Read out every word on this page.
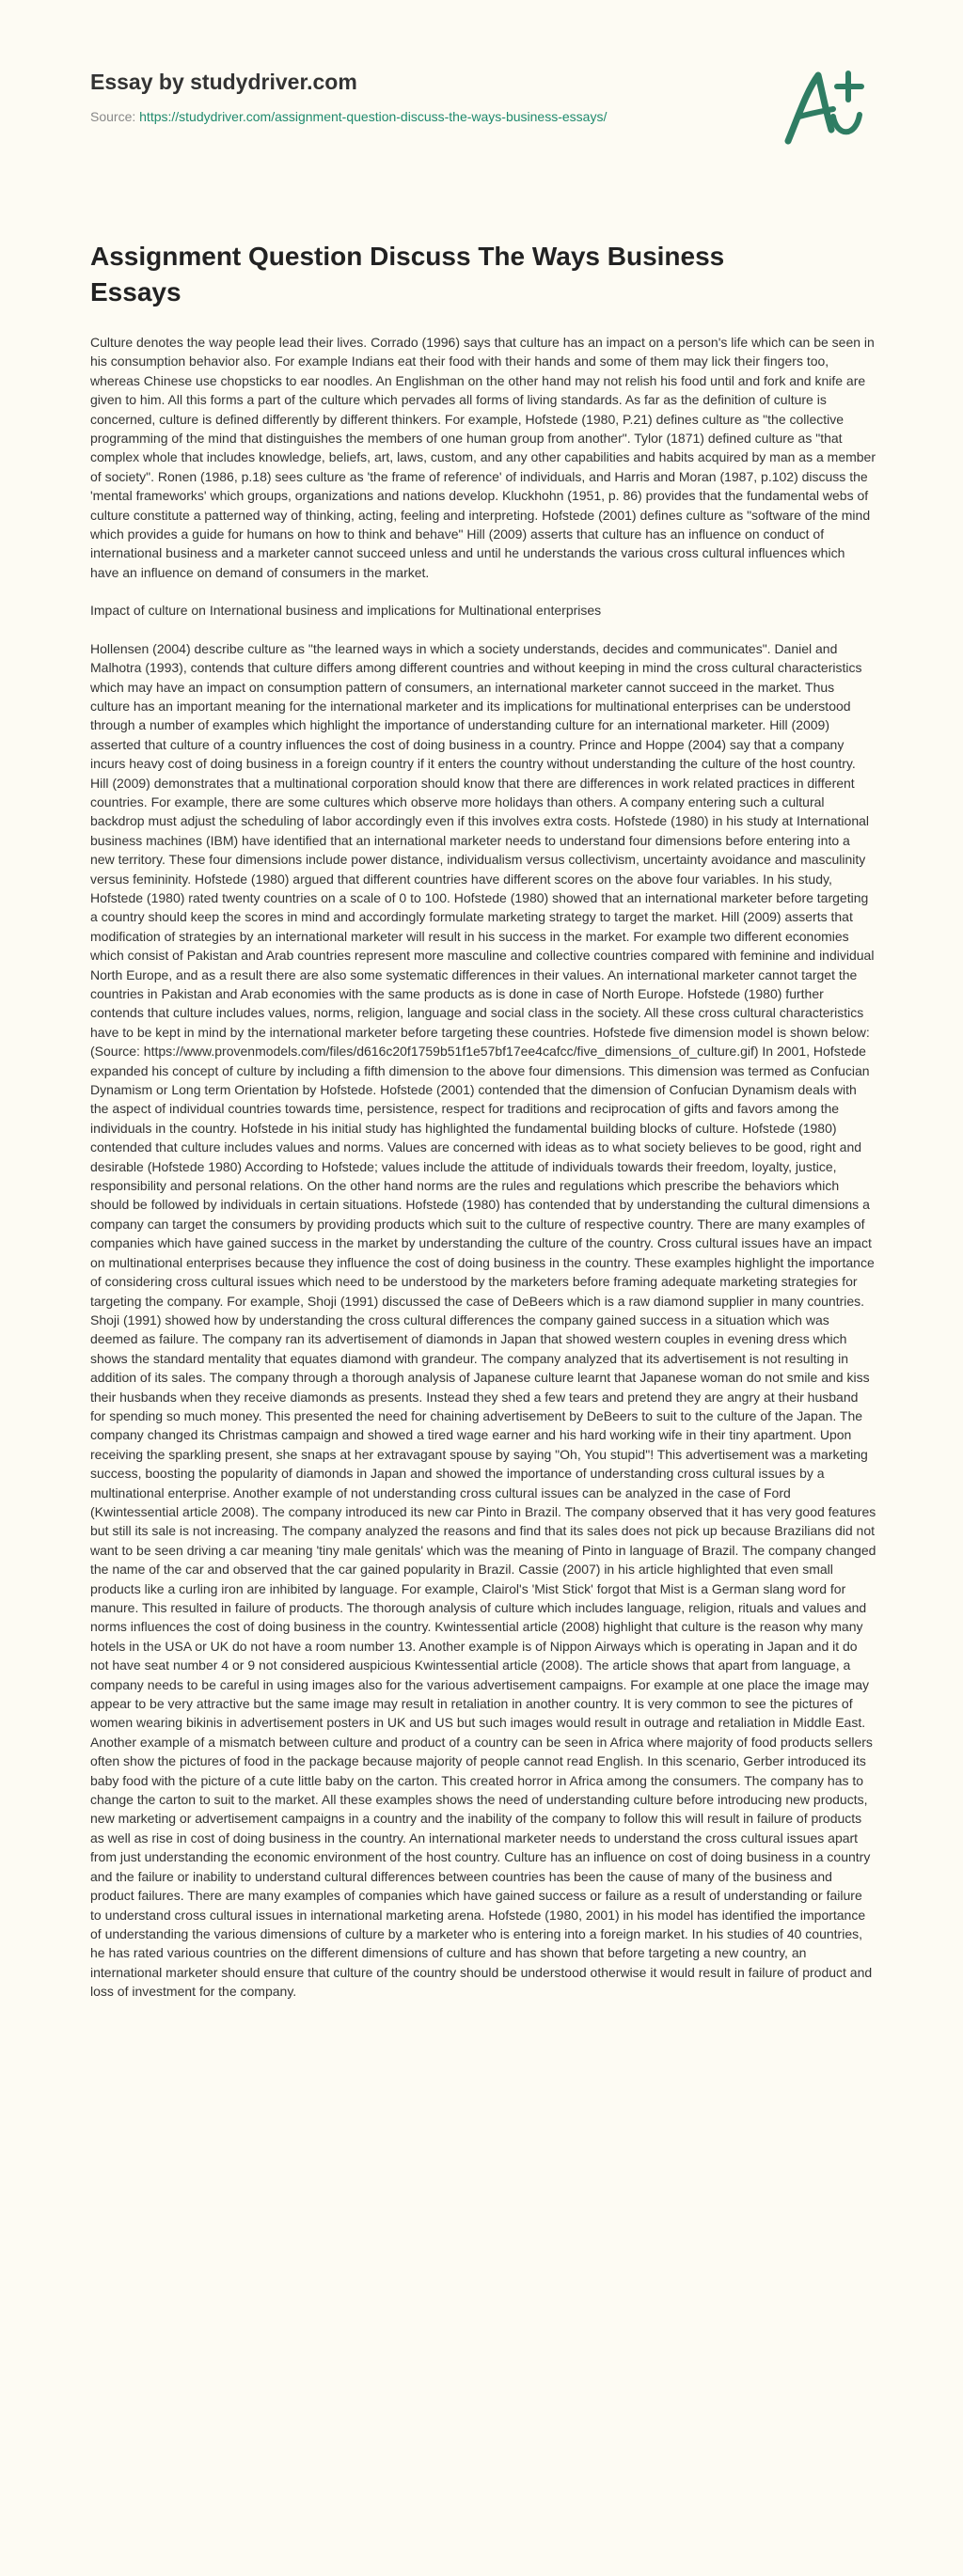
Essay by studydriver.com
Source: https://studydriver.com/assignment-question-discuss-the-ways-business-essays/
Assignment Question Discuss The Ways Business Essays

Culture denotes the way people lead their lives. Corrado (1996) says that culture has an impact on a person's life which can be seen in his consumption behavior also. For example Indians eat their food with their hands and some of them may lick their fingers too, whereas Chinese use chopsticks to ear noodles. An Englishman on the other hand may not relish his food until and fork and knife are given to him. All this forms a part of the culture which pervades all forms of living standards. As far as the definition of culture is concerned, culture is defined differently by different thinkers. For example, Hofstede (1980, P.21) defines culture as "the collective programming of the mind that distinguishes the members of one human group from another". Tylor (1871) defined culture as "that complex whole that includes knowledge, beliefs, art, laws, custom, and any other capabilities and habits acquired by man as a member of society". Ronen (1986, p.18) sees culture as 'the frame of reference' of individuals, and Harris and Moran (1987, p.102) discuss the 'mental frameworks' which groups, organizations and nations develop. Kluckhohn (1951, p. 86) provides that the fundamental webs of culture constitute a patterned way of thinking, acting, feeling and interpreting. Hofstede (2001) defines culture as "software of the mind which provides a guide for humans on how to think and behave" Hill (2009) asserts that culture has an influence on conduct of international business and a marketer cannot succeed unless and until he understands the various cross cultural influences which have an influence on demand of consumers in the market.

Impact of culture on International business and implications for Multinational enterprises

Hollensen (2004) describe culture as "the learned ways in which a society understands, decides and communicates". Daniel and Malhotra (1993), contends that culture differs among different countries and without keeping in mind the cross cultural characteristics which may have an impact on consumption pattern of consumers, an international marketer cannot succeed in the market. Thus culture has an important meaning for the international marketer and its implications for multinational enterprises can be understood through a number of examples which highlight the importance of understanding culture for an international marketer. Hill (2009) asserted that culture of a country influences the cost of doing business in a country. Prince and Hoppe (2004) say that a company incurs heavy cost of doing business in a foreign country if it enters the country without understanding the culture of the host country. Hill (2009) demonstrates that a multinational corporation should know that there are differences in work related practices in different countries. For example, there are some cultures which observe more holidays than others. A company entering such a cultural backdrop must adjust the scheduling of labor accordingly even if this involves extra costs. Hofstede (1980) in his study at International business machines (IBM) have identified that an international marketer needs to understand four dimensions before entering into a new territory. These four dimensions include power distance, individualism versus collectivism, uncertainty avoidance and masculinity versus femininity. Hofstede (1980) argued that different countries have different scores on the above four variables. In his study, Hofstede (1980) rated twenty countries on a scale of 0 to 100. Hofstede (1980) showed that an international marketer before targeting a country should keep the scores in mind and accordingly formulate marketing strategy to target the market. Hill (2009) asserts that modification of strategies by an international marketer will result in his success in the market. For example two different economies which consist of Pakistan and Arab countries represent more masculine and collective countries compared with feminine and individual North Europe, and as a result there are also some systematic differences in their values. An international marketer cannot target the countries in Pakistan and Arab economies with the same products as is done in case of North Europe. Hofstede (1980) further contends that culture includes values, norms, religion, language and social class in the society. All these cross cultural characteristics have to be kept in mind by the international marketer before targeting these countries. Hofstede five dimension model is shown below: (Source: https://www.provenmodels.com/files/d616c20f1759b51f1e57bf17ee4cafcc/five_dimensions_of_culture.gif) In 2001, Hofstede expanded his concept of culture by including a fifth dimension to the above four dimensions. This dimension was termed as Confucian Dynamism or Long term Orientation by Hofstede. Hofstede (2001) contended that the dimension of Confucian Dynamism deals with the aspect of individual countries towards time, persistence, respect for traditions and reciprocation of gifts and favors among the individuals in the country. Hofstede in his initial study has highlighted the fundamental building blocks of culture. Hofstede (1980) contended that culture includes values and norms. Values are concerned with ideas as to what society believes to be good, right and desirable (Hofstede 1980) According to Hofstede; values include the attitude of individuals towards their freedom, loyalty, justice, responsibility and personal relations. On the other hand norms are the rules and regulations which prescribe the behaviors which should be followed by individuals in certain situations. Hofstede (1980) has contended that by understanding the cultural dimensions a company can target the consumers by providing products which suit to the culture of respective country. There are many examples of companies which have gained success in the market by understanding the culture of the country. Cross cultural issues have an impact on multinational enterprises because they influence the cost of doing business in the country. These examples highlight the importance of considering cross cultural issues which need to be understood by the marketers before framing adequate marketing strategies for targeting the company. For example, Shoji (1991) discussed the case of DeBeers which is a raw diamond supplier in many countries. Shoji (1991) showed how by understanding the cross cultural differences the company gained success in a situation which was deemed as failure. The company ran its advertisement of diamonds in Japan that showed western couples in evening dress which shows the standard mentality that equates diamond with grandeur. The company analyzed that its advertisement is not resulting in addition of its sales. The company through a thorough analysis of Japanese culture learnt that Japanese woman do not smile and kiss their husbands when they receive diamonds as presents. Instead they shed a few tears and pretend they are angry at their husband for spending so much money. This presented the need for chaining advertisement by DeBeers to suit to the culture of the Japan. The company changed its Christmas campaign and showed a tired wage earner and his hard working wife in their tiny apartment. Upon receiving the sparkling present, she snaps at her extravagant spouse by saying "Oh, You stupid"! This advertisement was a marketing success, boosting the popularity of diamonds in Japan and showed the importance of understanding cross cultural issues by a multinational enterprise. Another example of not understanding cross cultural issues can be analyzed in the case of Ford (Kwintessential article 2008). The company introduced its new car Pinto in Brazil. The company observed that it has very good features but still its sale is not increasing. The company analyzed the reasons and find that its sales does not pick up because Brazilians did not want to be seen driving a car meaning 'tiny male genitals' which was the meaning of Pinto in language of Brazil. The company changed the name of the car and observed that the car gained popularity in Brazil. Cassie (2007) in his article highlighted that even small products like a curling iron are inhibited by language. For example, Clairol's 'Mist Stick' forgot that Mist is a German slang word for manure. This resulted in failure of products. The thorough analysis of culture which includes language, religion, rituals and values and norms influences the cost of doing business in the country. Kwintessential article (2008) highlight that culture is the reason why many hotels in the USA or UK do not have a room number 13. Another example is of Nippon Airways which is operating in Japan and it do not have seat number 4 or 9 not considered auspicious Kwintessential article (2008). The article shows that apart from language, a company needs to be careful in using images also for the various advertisement campaigns. For example at one place the image may appear to be very attractive but the same image may result in retaliation in another country. It is very common to see the pictures of women wearing bikinis in advertisement posters in UK and US but such images would result in outrage and retaliation in Middle East. Another example of a mismatch between culture and product of a country can be seen in Africa where majority of food products sellers often show the pictures of food in the package because majority of people cannot read English. In this scenario, Gerber introduced its baby food with the picture of a cute little baby on the carton. This created horror in Africa among the consumers. The company has to change the carton to suit to the market. All these examples shows the need of understanding culture before introducing new products, new marketing or advertisement campaigns in a country and the inability of the company to follow this will result in failure of products as well as rise in cost of doing business in the country. An international marketer needs to understand the cross cultural issues apart from just understanding the economic environment of the host country. Culture has an influence on cost of doing business in a country and the failure or inability to understand cultural differences between countries has been the cause of many of the business and product failures. There are many examples of companies which have gained success or failure as a result of understanding or failure to understand cross cultural issues in international marketing arena. Hofstede (1980, 2001) in his model has identified the importance of understanding the various dimensions of culture by a marketer who is entering into a foreign market. In his studies of 40 countries, he has rated various countries on the different dimensions of culture and has shown that before targeting a new country, an international marketer should ensure that culture of the country should be understood otherwise it would result in failure of product and loss of investment for the company.
